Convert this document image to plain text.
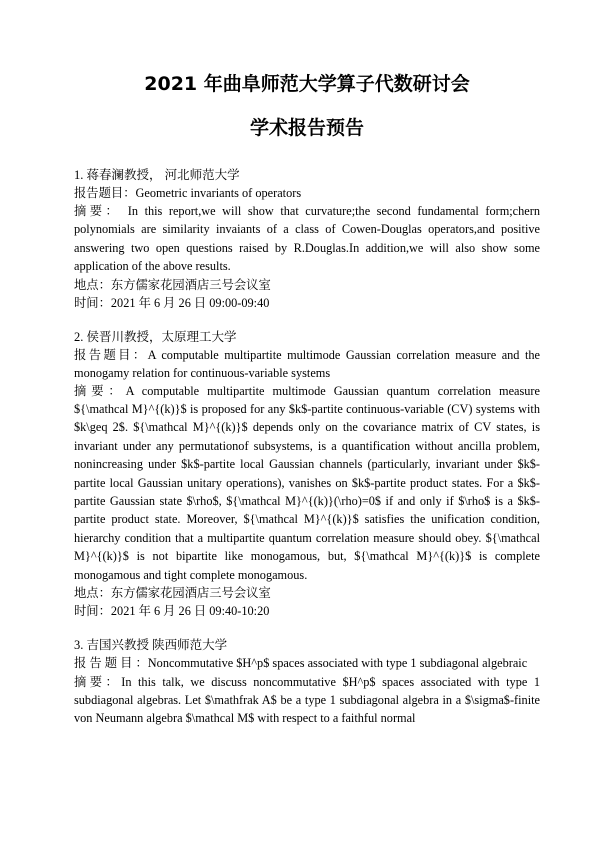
2021 年曲阜师范大学算子代数研讨会
学术报告预告
1. 蒋春澜教授， 河北师范大学
报告题目：Geometric invariants of operators
摘要： In this report,we will show that curvature;the second fundamental form;chern polynomials are similarity invaiants of a class of Cowen-Douglas operators,and positive answering two open questions raised by R.Douglas.In addition,we will also show some application of the above results.
地点：东方儒家花园酒店三号会议室
时间：2021 年 6 月 26 日 09:00-09:40
2. 侯晋川教授，太原理工大学
报告题目：A computable multipartite multimode Gaussian correlation measure and the monogamy relation for continuous-variable systems
摘要：A computable multipartite multimode Gaussian quantum correlation measure ${\mathcal M}^{(k)}$ is proposed for any $k$-partite continuous-variable (CV) systems with $k\geq 2$. ${\mathcal M}^{(k)}$ depends only on the covariance matrix of CV states, is invariant under any permutationof subsystems, is a quantification without ancilla problem, nonincreasing under $k$-partite local Gaussian channels (particularly, invariant under $k$-partite local Gaussian unitary operations), vanishes on $k$-partite product states. For a $k$-partite Gaussian state $\rho$, ${\mathcal M}^{(k)}(\rho)=0$ if and only if $\rho$ is a $k$-partite product state. Moreover, ${\mathcal M}^{(k)}$ satisfies the unification condition, hierarchy condition that a multipartite quantum correlation measure should obey. ${\mathcal M}^{(k)}$ is not bipartite like monogamous, but, ${\mathcal M}^{(k)}$ is complete monogamous and tight complete monogamous.
地点：东方儒家花园酒店三号会议室
时间：2021 年 6 月 26 日 09:40-10:20
3. 吉国兴教授 陕西师范大学
报 告 题 目 ：Noncommutative $H^p$ spaces associated with type 1 subdiagonal algebraic
摘要：In this talk, we discuss noncommutative $H^p$ spaces associated with type 1 subdiagonal algebras. Let $\mathfrak A$ be a type 1 subdiagonal algebra in a $\sigma$-finite von Neumann algebra $\mathcal M$ with respect to a faithful normal
